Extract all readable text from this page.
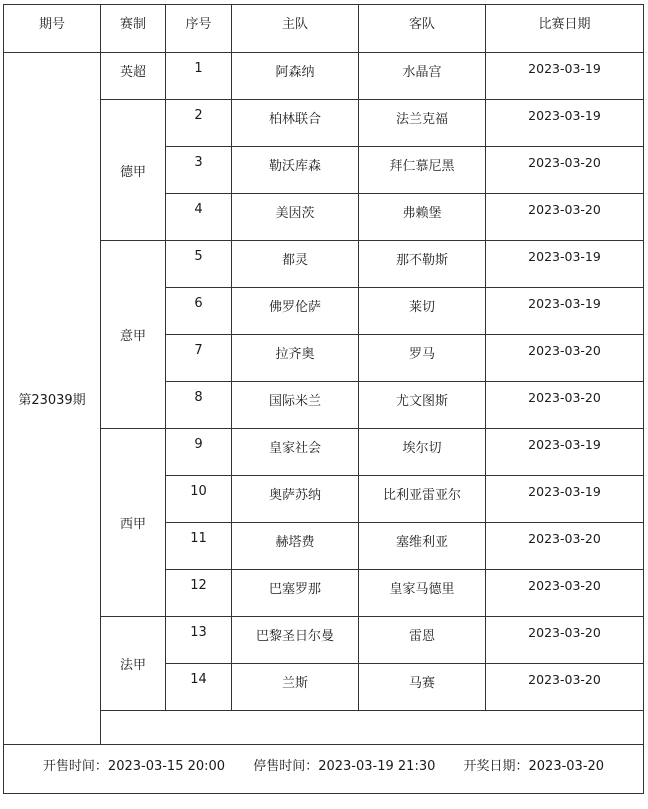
期号	赛制	序号	主队	客队	比赛日期
第23039期	英超	1	阿森纳	水晶宫	2023-03-19
	德甲	2	柏林联合	法兰克福	2023-03-19
		3	勒沃库森	拜仁慕尼黑	2023-03-20
		4	美因茨	弗赖堡	2023-03-20
	意甲	5	都灵	那不勒斯	2023-03-19
		6	佛罗伦萨	莱切	2023-03-19
		7	拉齐奥	罗马	2023-03-20
		8	国际米兰	尤文图斯	2023-03-20
	西甲	9	皇家社会	埃尔切	2023-03-19
		10	奥萨苏纳	比利亚雷亚尔	2023-03-19
		11	赫塔费	塞维利亚	2023-03-20
		12	巴塞罗那	皇家马德里	2023-03-20
	法甲	13	巴黎圣日尔曼	雷恩	2023-03-20
		14	兰斯	马赛	2023-03-20

开售时间：2023-03-15 20:00 停售时间：2023-03-19 21:30 开奖日期：2023-03-20					
